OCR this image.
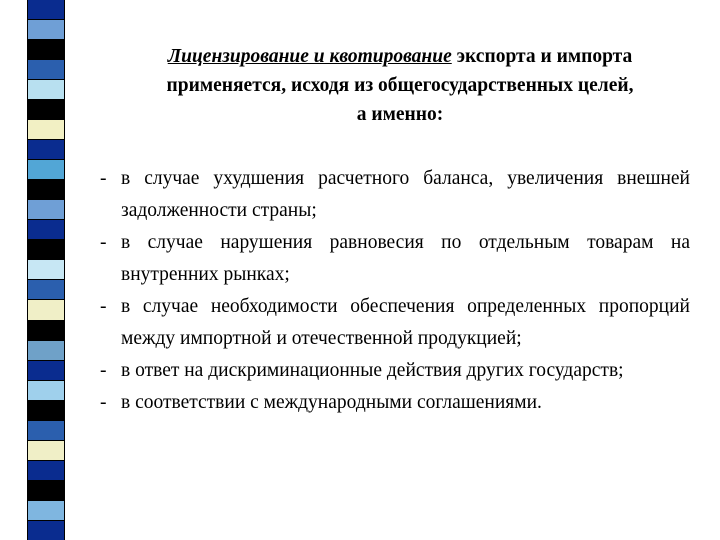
Лицензирование и квотирование экспорта и импорта
применяется, исходя из общегосударственных целей,
а именно:
- в случае ухудшения расчетного баланса, увеличения внешней задолженности страны;
- в случае нарушения равновесия по отдельным товарам на внутренних рынках;
- в случае необходимости обеспечения определенных пропорций между импортной и отечественной продукцией;
- в ответ на дискриминационные действия других государств;
- в соответствии с международными соглашениями.
